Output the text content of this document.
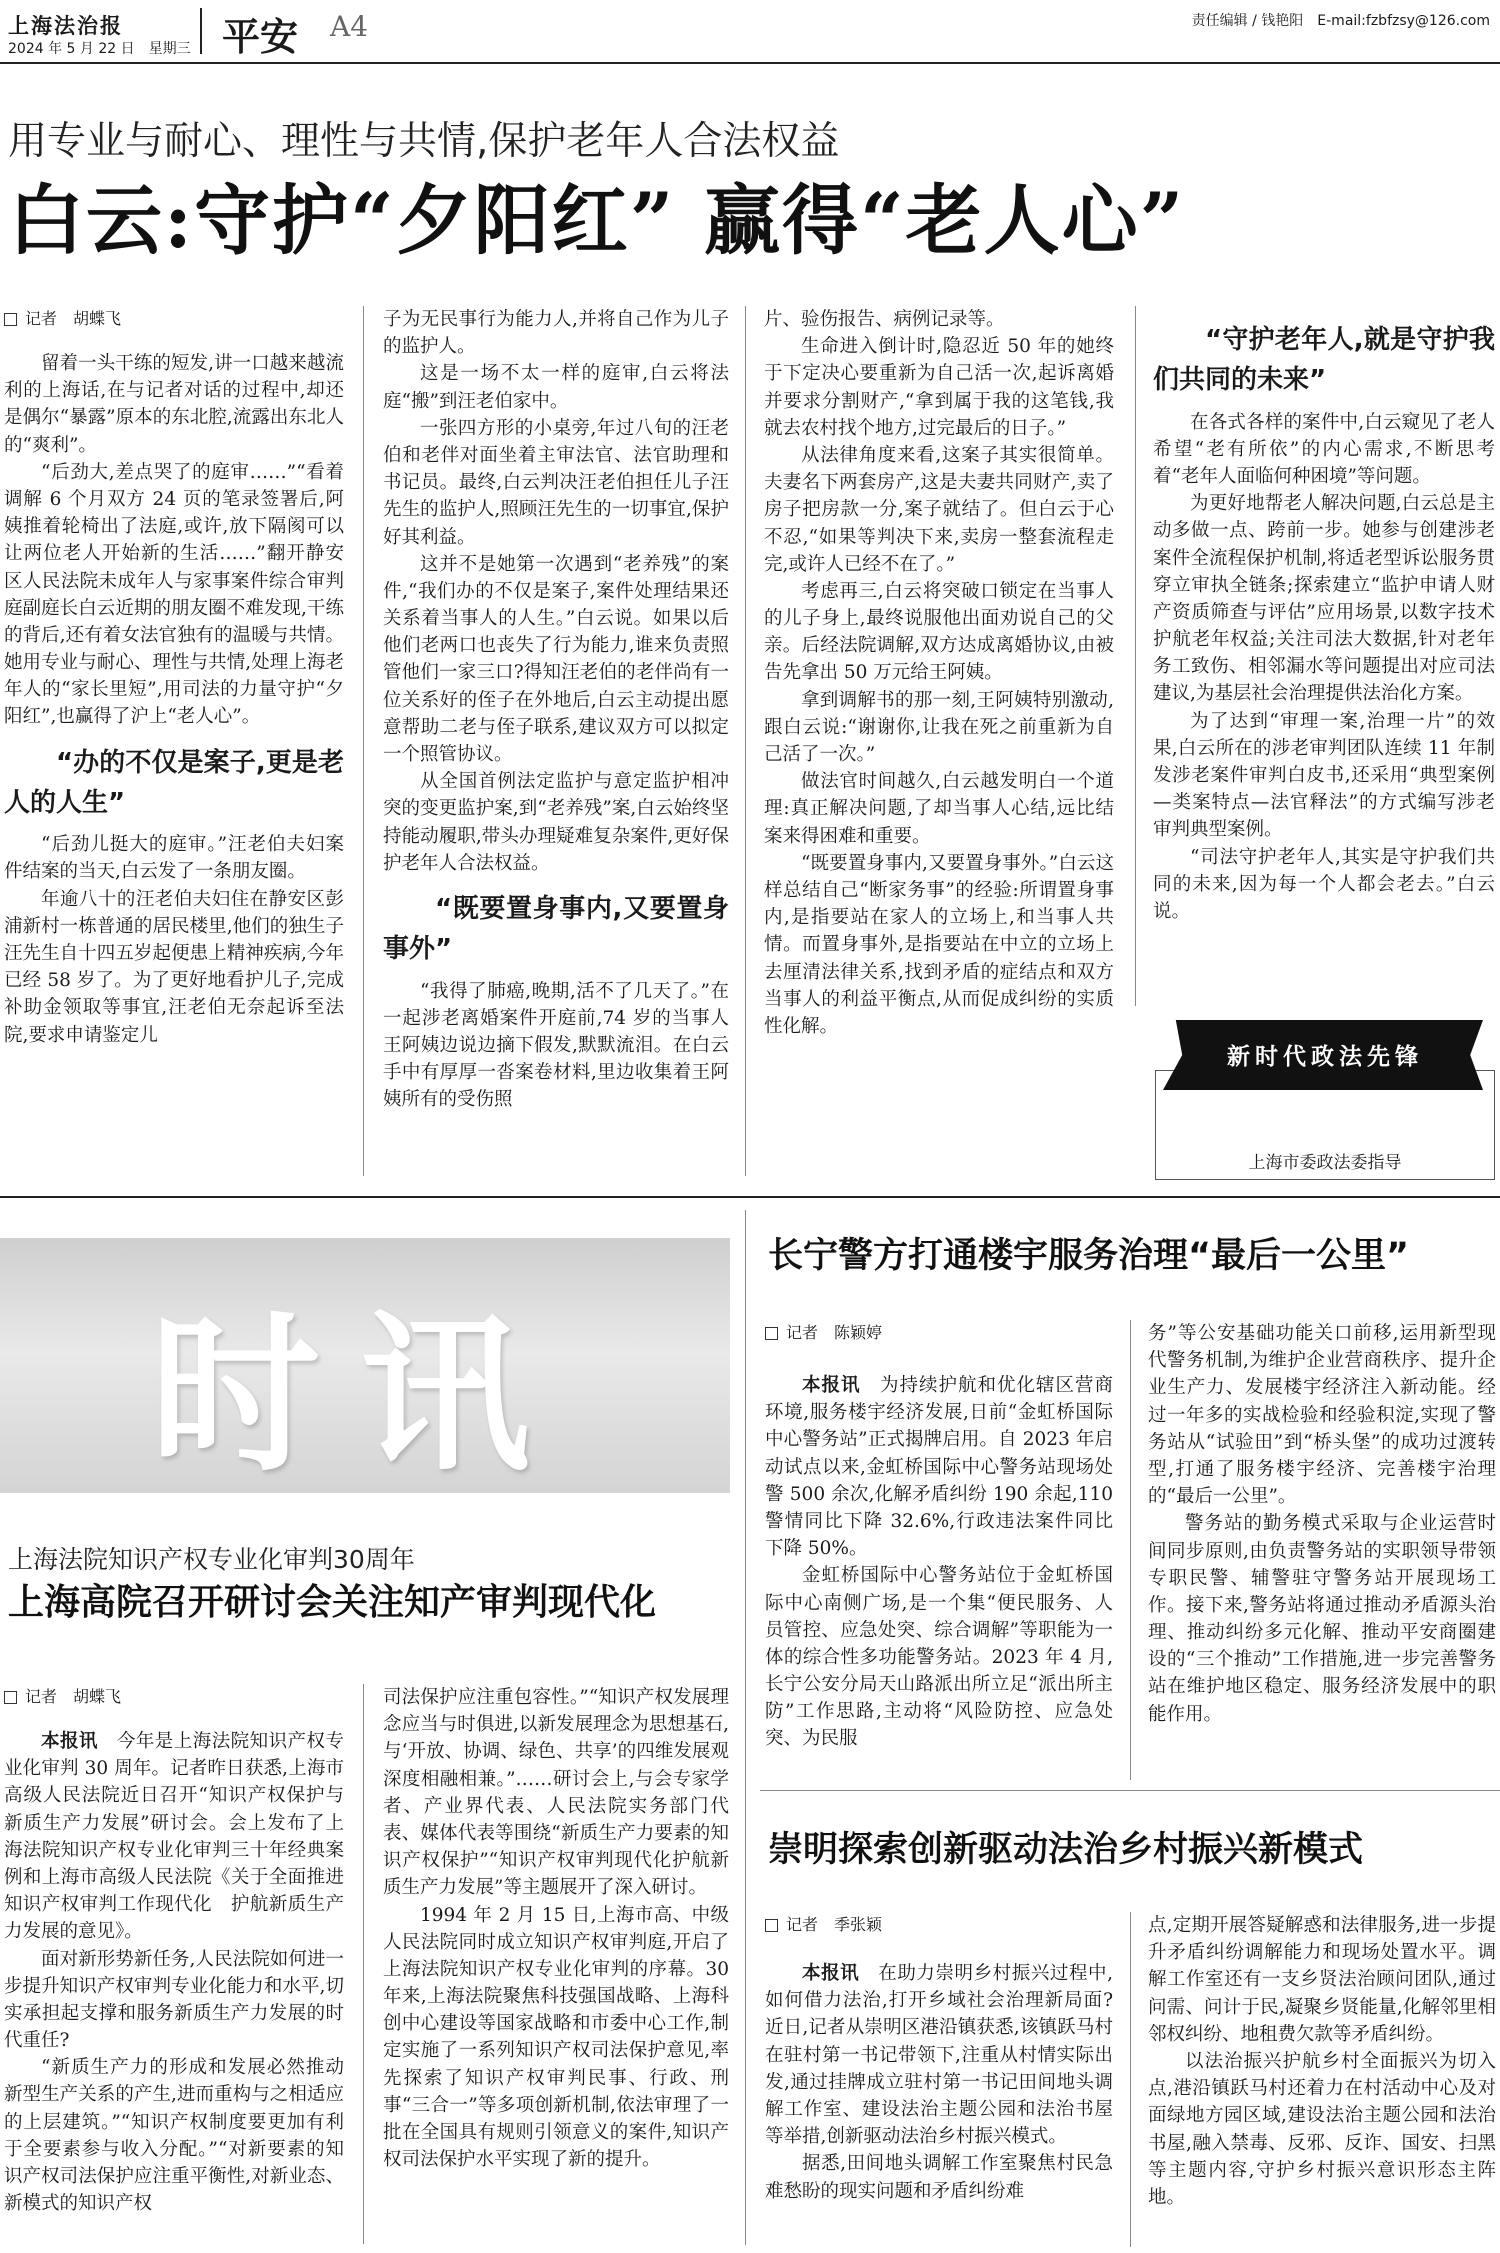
上海法治报
2024 年 5 月 22 日　星期三 平安 A4	责任编辑 / 钱艳阳　E-mail:fzbfzsy@126.com
用专业与耐心、理性与共情,保护老年人合法权益
白云:守护“夕阳红” 赢得“老人心”
记者　胡蝶飞

留着一头干练的短发,讲一口越来越流利的上海话,在与记者对话的过程中,却还是偶尔“暴露”原本的东北腔,流露出东北人的“爽利”。

“后劲大,差点哭了的庭审……”“看着调解 6 个月双方 24 页的笔录签署后,阿姨推着轮椅出了法庭,或许,放下隔阂可以让两位老人开始新的生活……”翻开静安区人民法院未成年人与家事案件综合审判庭副庭长白云近期的朋友圈不难发现,干练的背后,还有着女法官独有的温暖与共情。她用专业与耐心、理性与共情,处理上海老年人的“家长里短”,用司法的力量守护“夕阳红”,也赢得了沪上“老人心”。

“办的不仅是案子,更是老人的人生”

“后劲儿挺大的庭审。”汪老伯夫妇案件结案的当天,白云发了一条朋友圈。

年逾八十的汪老伯夫妇住在静安区彭浦新村一栋普通的居民楼里,他们的独生子汪先生自十四五岁起便患上精神疾病,今年已经 58 岁了。为了更好地看护儿子,完成补助金领取等事宜,汪老伯无奈起诉至法院,要求申请鉴定儿

子为无民事行为能力人,并将自己作为儿子的监护人。

这是一场不太一样的庭审,白云将法庭“搬”到汪老伯家中。

一张四方形的小桌旁,年过八旬的汪老伯和老伴对面坐着主审法官、法官助理和书记员。最终,白云判决汪老伯担任儿子汪先生的监护人,照顾汪先生的一切事宜,保护好其利益。

这并不是她第一次遇到“老养残”的案件,“我们办的不仅是案子,案件处理结果还关系着当事人的人生。”白云说。如果以后他们老两口也丧失了行为能力,谁来负责照管他们一家三口?得知汪老伯的老伴尚有一位关系好的侄子在外地后,白云主动提出愿意帮助二老与侄子联系,建议双方可以拟定一个照管协议。

从全国首例法定监护与意定监护相冲突的变更监护案,到“老养残”案,白云始终坚持能动履职,带头办理疑难复杂案件,更好保护老年人合法权益。

“既要置身事内,又要置身事外”

“我得了肺癌,晚期,活不了几天了。”在一起涉老离婚案件开庭前,74 岁的当事人王阿姨边说边摘下假发,默默流泪。在白云手中有厚厚一沓案卷材料,里边收集着王阿姨所有的受伤照

片、验伤报告、病例记录等。

生命进入倒计时,隐忍近 50 年的她终于下定决心要重新为自己活一次,起诉离婚并要求分割财产,“拿到属于我的这笔钱,我就去农村找个地方,过完最后的日子。”

从法律角度来看,这案子其实很简单。夫妻名下两套房产,这是夫妻共同财产,卖了房子把房款一分,案子就结了。但白云于心不忍,“如果等判决下来,卖房一整套流程走完,或许人已经不在了。”

考虑再三,白云将突破口锁定在当事人的儿子身上,最终说服他出面劝说自己的父亲。后经法院调解,双方达成离婚协议,由被告先拿出 50 万元给王阿姨。

拿到调解书的那一刻,王阿姨特别激动,跟白云说:“谢谢你,让我在死之前重新为自己活了一次。”

做法官时间越久,白云越发明白一个道理:真正解决问题,了却当事人心结,远比结案来得困难和重要。

“既要置身事内,又要置身事外。”白云这样总结自己“断家务事”的经验:所谓置身事内,是指要站在家人的立场上,和当事人共情。而置身事外,是指要站在中立的立场上去厘清法律关系,找到矛盾的症结点和双方当事人的利益平衡点,从而促成纠纷的实质性化解。

“守护老年人,就是守护我们共同的未来”

在各式各样的案件中,白云窥见了老人希望“老有所依”的内心需求,不断思考着“老年人面临何种困境”等问题。

为更好地帮老人解决问题,白云总是主动多做一点、跨前一步。她参与创建涉老案件全流程保护机制,将适老型诉讼服务贯穿立审执全链条;探索建立“监护申请人财产资质筛查与评估”应用场景,以数字技术护航老年权益;关注司法大数据,针对老年务工致伤、相邻漏水等问题提出对应司法建议,为基层社会治理提供法治化方案。

为了达到“审理一案,治理一片”的效果,白云所在的涉老审判团队连续 11 年制发涉老案件审判白皮书,还采用“典型案例—类案特点—法官释法”的方式编写涉老审判典型案例。

“司法守护老年人,其实是守护我们共同的未来,因为每一个人都会老去。”白云说。

新时代政法先锋
上海市委政法委指导
时讯
上海法院知识产权专业化审判30周年
上海高院召开研讨会关注知产审判现代化
记者　胡蝶飞

本报讯　 今年是上海法院知识产权专业化审判 30 周年。记者昨日获悉,上海市高级人民法院近日召开“知识产权保护与新质生产力发展”研讨会。会上发布了上海法院知识产权专业化审判三十年经典案例和上海市高级人民法院《关于全面推进知识产权审判工作现代化　护航新质生产力发展的意见》。

面对新形势新任务,人民法院如何进一步提升知识产权审判专业化能力和水平,切实承担起支撑和服务新质生产力发展的时代重任?

“新质生产力的形成和发展必然推动新型生产关系的产生,进而重构与之相适应的上层建筑。”“知识产权制度要更加有利于全要素参与收入分配。”“对新要素的知识产权司法保护应注重平衡性,对新业态、新模式的知识产权

司法保护应注重包容性。”“知识产权发展理念应当与时俱进,以新发展理念为思想基石,与‘开放、协调、绿色、共享’的四维发展观深度相融相兼。”……研讨会上,与会专家学者、产业界代表、人民法院实务部门代表、媒体代表等围绕“新质生产力要素的知识产权保护”“知识产权审判现代化护航新质生产力发展”等主题展开了深入研讨。

1994 年 2 月 15 日,上海市高、中级人民法院同时成立知识产权审判庭,开启了上海法院知识产权专业化审判的序幕。30 年来,上海法院聚焦科技强国战略、上海科创中心建设等国家战略和市委中心工作,制定实施了一系列知识产权司法保护意见,率先探索了知识产权审判民事、行政、刑事“三合一”等多项创新机制,依法审理了一批在全国具有规则引领意义的案件,知识产权司法保护水平实现了新的提升。

长宁警方打通楼宇服务治理“最后一公里”
记者　陈颖婷

本报讯　 为持续护航和优化辖区营商环境,服务楼宇经济发展,日前“金虹桥国际中心警务站”正式揭牌启用。自 2023 年启动试点以来,金虹桥国际中心警务站现场处警 500 余次,化解矛盾纠纷 190 余起,110 警情同比下降 32.6%,行政违法案件同比下降 50%。

金虹桥国际中心警务站位于金虹桥国际中心南侧广场,是一个集“便民服务、人员管控、应急处突、综合调解”等职能为一体的综合性多功能警务站。2023 年 4 月,长宁公安分局天山路派出所立足“派出所主防”工作思路,主动将“风险防控、应急处突、为民服

务”等公安基础功能关口前移,运用新型现代警务机制,为维护企业营商秩序、提升企业生产力、发展楼宇经济注入新动能。经过一年多的实战检验和经验积淀,实现了警务站从“试验田”到“桥头堡”的成功过渡转型,打通了服务楼宇经济、完善楼宇治理的“最后一公里”。

警务站的勤务模式采取与企业运营时间同步原则,由负责警务站的实职领导带领专职民警、辅警驻守警务站开展现场工作。接下来,警务站将通过推动矛盾源头治理、推动纠纷多元化解、推动平安商圈建设的“三个推动”工作措施,进一步完善警务站在维护地区稳定、服务经济发展中的职能作用。

崇明探索创新驱动法治乡村振兴新模式
记者　季张颖

本报讯　 在助力崇明乡村振兴过程中,如何借力法治,打开乡域社会治理新局面?近日,记者从崇明区港沿镇获悉,该镇跃马村在驻村第一书记带领下,注重从村情实际出发,通过挂牌成立驻村第一书记田间地头调解工作室、建设法治主题公园和法治书屋等举措,创新驱动法治乡村振兴模式。

据悉,田间地头调解工作室聚焦村民急难愁盼的现实问题和矛盾纠纷难

点,定期开展答疑解惑和法律服务,进一步提升矛盾纠纷调解能力和现场处置水平。调解工作室还有一支乡贤法治顾问团队,通过问需、问计于民,凝聚乡贤能量,化解邻里相邻权纠纷、地租费欠款等矛盾纠纷。

以法治振兴护航乡村全面振兴为切入点,港沿镇跃马村还着力在村活动中心及对面绿地方园区域,建设法治主题公园和法治书屋,融入禁毒、反邪、反诈、国安、扫黑等主题内容,守护乡村振兴意识形态主阵地。
